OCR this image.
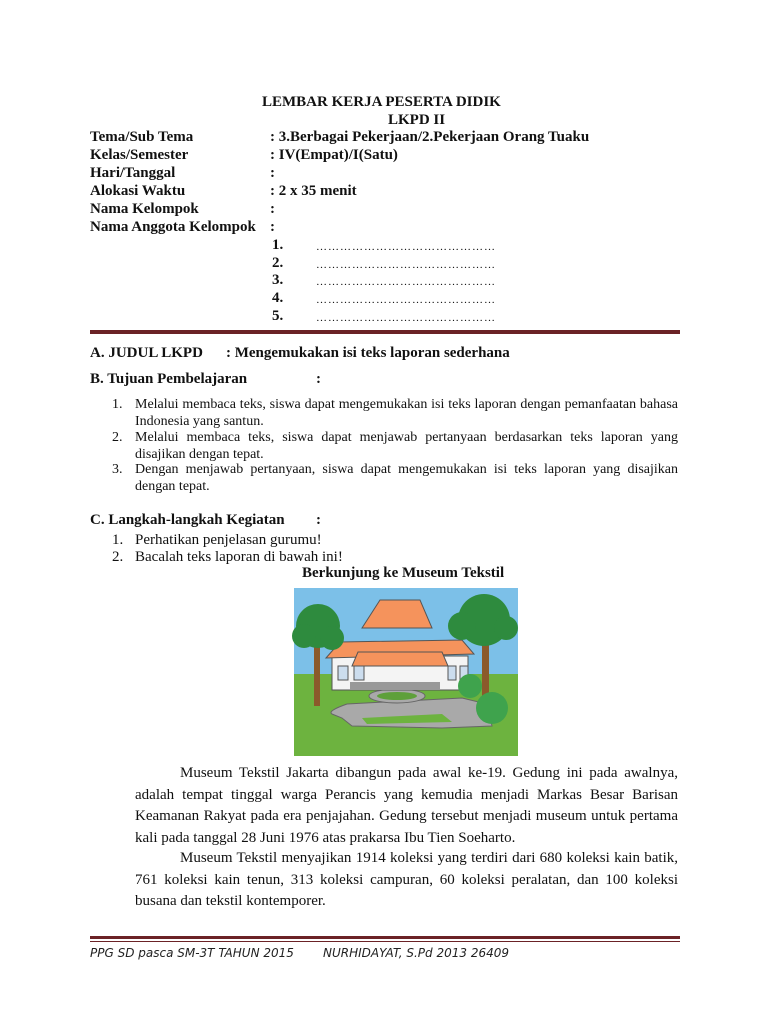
LEMBAR KERJA PESERTA DIDIK
LKPD II
Tema/Sub Tema	: 3.Berbagai Pekerjaan/2.Pekerjaan Orang Tuaku
Kelas/Semester	: IV(Empat)/I(Satu)
Hari/Tanggal	:
Alokasi Waktu	: 2 x 35 menit
Nama Kelompok	:
Nama Anggota Kelompok :
1.	………………………………………
2.	………………………………………
3.	………………………………………
4.	………………………………………
5.	………………………………………
A. JUDUL LKPD : Mengemukakan isi teks laporan sederhana
B. Tujuan Pembelajaran	:
1. Melalui membaca teks, siswa dapat mengemukakan isi teks laporan dengan pemanfaatan bahasa Indonesia yang santun.
2. Melalui membaca teks, siswa dapat menjawab pertanyaan berdasarkan teks laporan yang disajikan dengan tepat.
3. Dengan menjawab pertanyaan, siswa dapat mengemukakan isi teks laporan yang disajikan dengan tepat.
C. Langkah-langkah Kegiatan :
1. Perhatikan penjelasan gurumu!
2. Bacalah teks laporan di bawah ini!
Berkunjung ke Museum Tekstil
Museum Tekstil Jakarta dibangun pada awal ke-19. Gedung ini pada awalnya, adalah tempat tinggal warga Perancis yang kemudia menjadi Markas Besar Barisan Keamanan Rakyat pada era penjajahan. Gedung tersebut menjadi museum untuk pertama kali pada tanggal 28 Juni 1976 atas prakarsa Ibu Tien Soeharto.
Museum Tekstil menyajikan 1914 koleksi yang terdiri dari 680 koleksi kain batik, 761 koleksi kain tenun, 313 koleksi campuran, 60 koleksi peralatan, dan 100 koleksi busana dan tekstil kontemporer.
PPG SD pasca SM-3T TAHUN 2015 NURHIDAYAT, S.Pd 2013 26409
